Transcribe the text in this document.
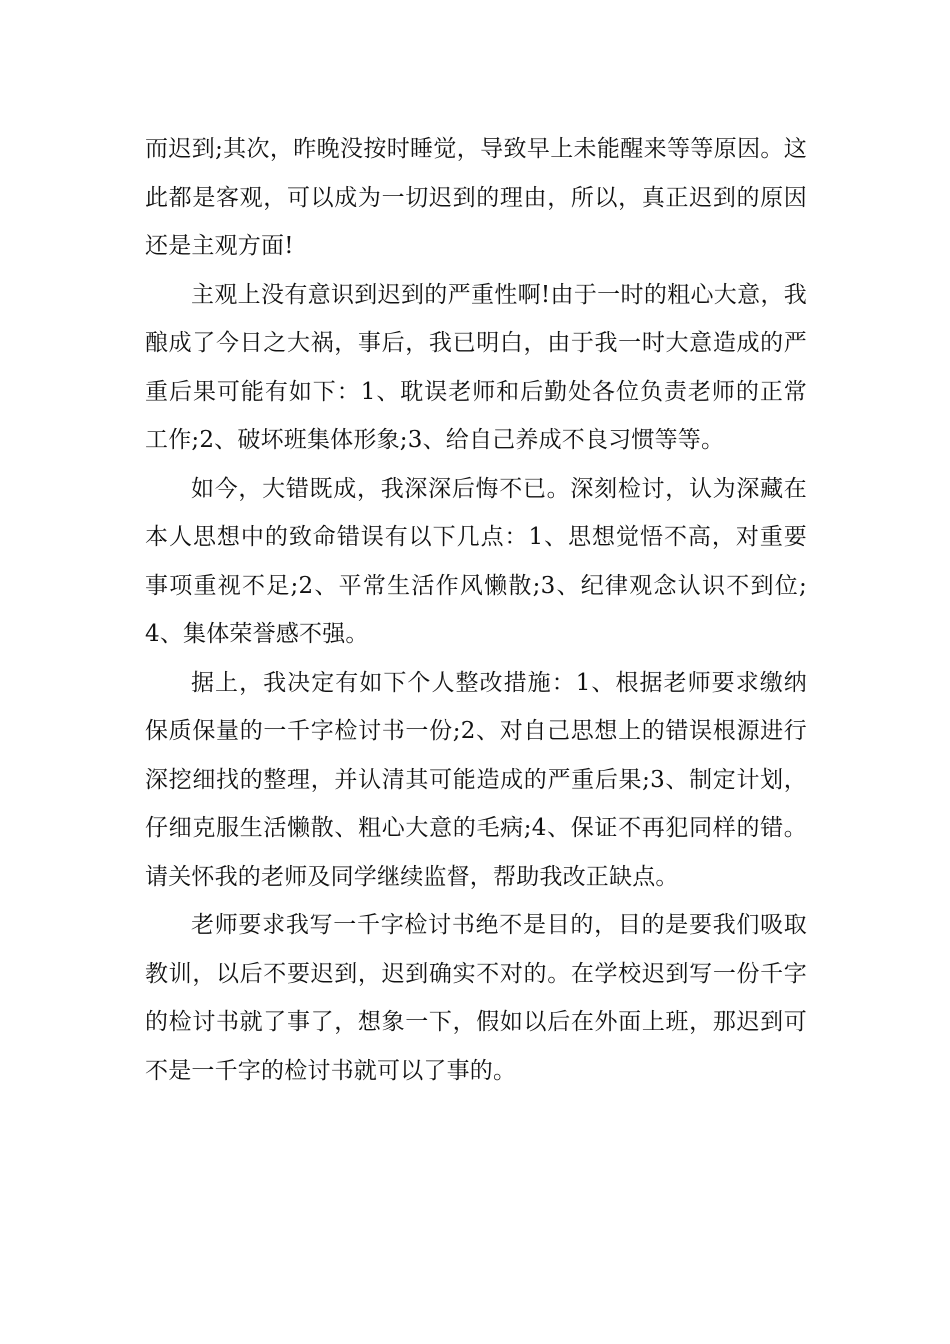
而迟到;其次，昨晚没按时睡觉，导致早上未能醒来等等原因。这此都是客观，可以成为一切迟到的理由，所以，真正迟到的原因还是主观方面!

主观上没有意识到迟到的严重性啊!由于一时的粗心大意，我酿成了今日之大祸，事后，我已明白，由于我一时大意造成的严重后果可能有如下：1、耽误老师和后勤处各位负责老师的正常工作;2、破坏班集体形象;3、给自己养成不良习惯等等。

如今，大错既成，我深深后悔不已。深刻检讨，认为深藏在本人思想中的致命错误有以下几点：1、思想觉悟不高，对重要事项重视不足;2、平常生活作风懒散;3、纪律观念认识不到位;4、集体荣誉感不强。

据上，我决定有如下个人整改措施：1、根据老师要求缴纳保质保量的一千字检讨书一份;2、对自己思想上的错误根源进行深挖细找的整理，并认清其可能造成的严重后果;3、制定计划，仔细克服生活懒散、粗心大意的毛病;4、保证不再犯同样的错。请关怀我的老师及同学继续监督，帮助我改正缺点。

老师要求我写一千字检讨书绝不是目的，目的是要我们吸取教训，以后不要迟到，迟到确实不对的。在学校迟到写一份千字的检讨书就了事了，想象一下，假如以后在外面上班，那迟到可不是一千字的检讨书就可以了事的。
